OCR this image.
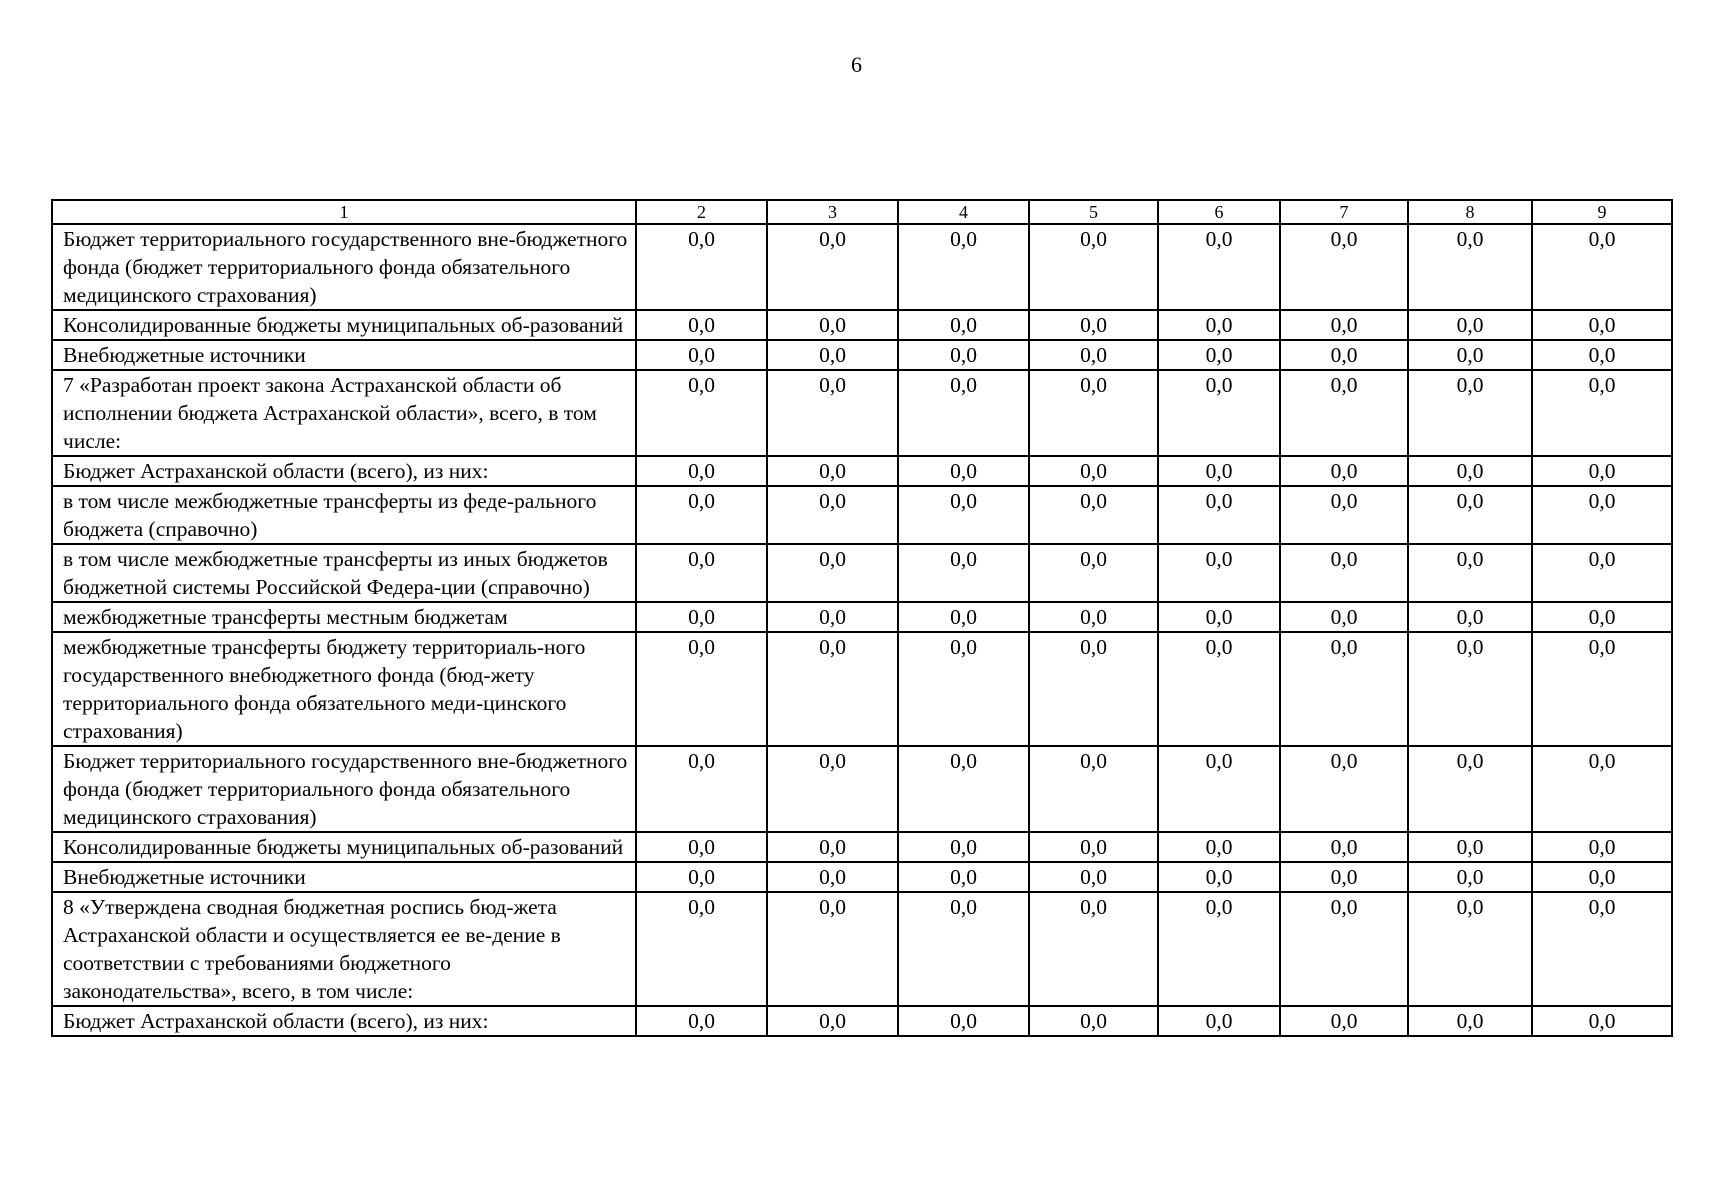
6
1	2	3	4	5	6	7	8	9
Бюджет территориального государственного вне-бюджетного фонда (бюджет территориального фонда обязательного медицинского страхования)	0,0	0,0	0,0	0,0	0,0	0,0	0,0	0,0
Консолидированные бюджеты муниципальных об-разований	0,0	0,0	0,0	0,0	0,0	0,0	0,0	0,0
Внебюджетные источники	0,0	0,0	0,0	0,0	0,0	0,0	0,0	0,0
7 «Разработан проект закона Астраханской области об исполнении бюджета Астраханской области», всего, в том числе:	0,0	0,0	0,0	0,0	0,0	0,0	0,0	0,0
Бюджет Астраханской области (всего), из них:	0,0	0,0	0,0	0,0	0,0	0,0	0,0	0,0
в том числе межбюджетные трансферты из феде-рального бюджета (справочно)	0,0	0,0	0,0	0,0	0,0	0,0	0,0	0,0
в том числе межбюджетные трансферты из иных бюджетов бюджетной системы Российской Федера-ции (справочно)	0,0	0,0	0,0	0,0	0,0	0,0	0,0	0,0
межбюджетные трансферты местным бюджетам	0,0	0,0	0,0	0,0	0,0	0,0	0,0	0,0
межбюджетные трансферты бюджету территориаль-ного государственного внебюджетного фонда (бюд-жету территориального фонда обязательного меди-цинского страхования)	0,0	0,0	0,0	0,0	0,0	0,0	0,0	0,0
Бюджет территориального государственного вне-бюджетного фонда (бюджет территориального фонда обязательного медицинского страхования)	0,0	0,0	0,0	0,0	0,0	0,0	0,0	0,0
Консолидированные бюджеты муниципальных об-разований	0,0	0,0	0,0	0,0	0,0	0,0	0,0	0,0
Внебюджетные источники	0,0	0,0	0,0	0,0	0,0	0,0	0,0	0,0
8 «Утверждена сводная бюджетная роспись бюд-жета Астраханской области и осуществляется ее ве-дение в соответствии с требованиями бюджетного законодательства», всего, в том числе:	0,0	0,0	0,0	0,0	0,0	0,0	0,0	0,0
Бюджет Астраханской области (всего), из них:	0,0	0,0	0,0	0,0	0,0	0,0	0,0	0,0
